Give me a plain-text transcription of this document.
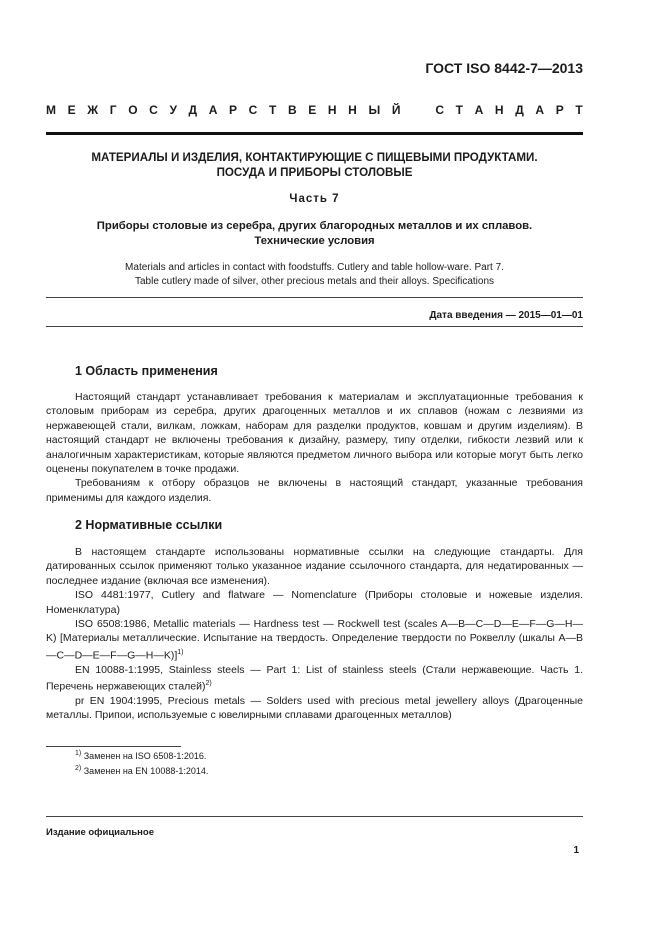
ГОСТ ISO 8442-7—2013
М Е Ж Г О С У Д А Р С Т В Е Н Н Ы Й	С Т А Н Д А Р Т
МАТЕРИАЛЫ И ИЗДЕЛИЯ, КОНТАКТИРУЮЩИЕ С ПИЩЕВЫМИ ПРОДУКТАМИ.
ПОСУДА И ПРИБОРЫ СТОЛОВЫЕ
Часть 7
Приборы столовые из серебра, других благородных металлов и их сплавов.
Технические условия
Materials and articles in contact with foodstuffs. Cutlery and table hollow-ware. Part 7.
Table cutlery made of silver, other precious metals and their alloys. Specifications
Дата введения — 2015—01—01
1 Область применения

Настоящий стандарт устанавливает требования к материалам и эксплуатационные требования к столовым приборам из серебра, других драгоценных металлов и их сплавов (ножам с лезвиями из нержавеющей стали, вилкам, ложкам, наборам для разделки продуктов, ковшам и другим изделиям). В настоящий стандарт не включены требования к дизайну, размеру, типу отделки, гибкости лезвий или к аналогичным характеристикам, которые являются предметом личного выбора или которые могут быть легко оценены покупателем в точке продажи.

Требованиям к отбору образцов не включены в настоящий стандарт, указанные требования применимы для каждого изделия.

2 Нормативные ссылки

В настоящем стандарте использованы нормативные ссылки на следующие стандарты. Для датированных ссылок применяют только указанное издание ссылочного стандарта, для недатированных — последнее издание (включая все изменения).

ISO 4481:1977, Cutlery and flatware — Nomenclature (Приборы столовые и ножевые изделия. Номенклатура)

ISO 6508:1986, Metallic materials — Hardness test — Rockwell test (scales A—B—C—D—E—F—G—H—K) [Материалы металлические. Испытание на твердость. Определение твердости по Роквеллу (шкалы A—B—C—D—E—F—G—H—K)]$^{1)}$

EN 10088-1:1995, Stainless steels — Part 1: List of stainless steels (Стали нержавеющие. Часть 1. Перечень нержавеющих сталей)$^{2)}$

pr EN 1904:1995, Precious metals — Solders used with precious metal jewellery alloys (Драгоценные металлы. Припои, используемые с ювелирными сплавами драгоценных металлов)

$^{1)}$ Заменен на ISO 6508-1:2016.
$^{2)}$ Заменен на EN 10088-1:2014.
Издание официальное
1
